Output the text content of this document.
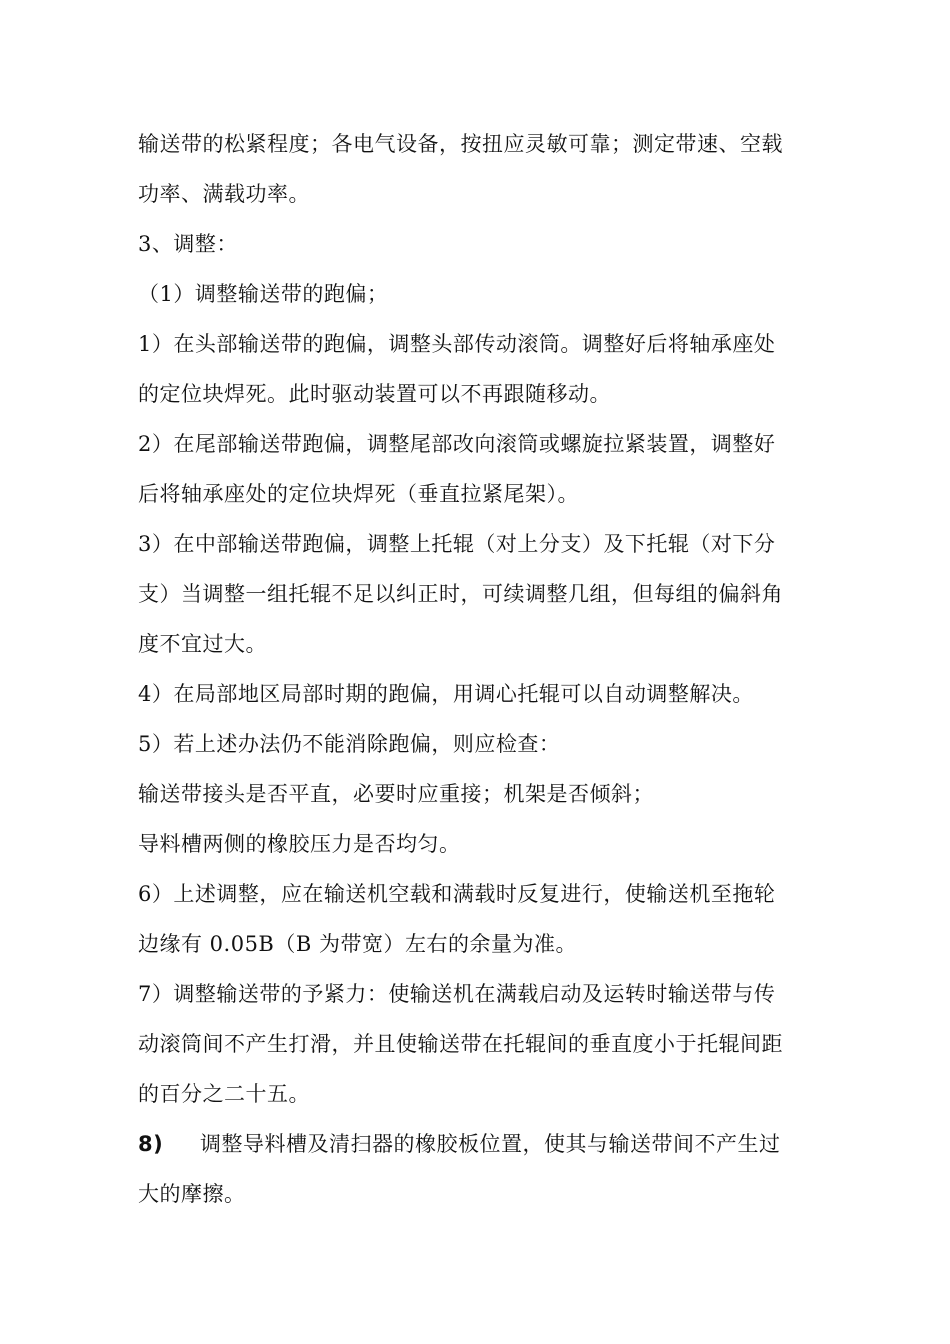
输送带的松紧程度；各电气设备，按扭应灵敏可靠；测定带速、空载
功率、满载功率。
3、调整：
（1）调整输送带的跑偏；
1）在头部输送带的跑偏，调整头部传动滚筒。调整好后将轴承座处
的定位块焊死。此时驱动装置可以不再跟随移动。
2）在尾部输送带跑偏，调整尾部改向滚筒或螺旋拉紧装置，调整好
后将轴承座处的定位块焊死（垂直拉紧尾架）。
3）在中部输送带跑偏，调整上托辊（对上分支）及下托辊（对下分
支）当调整一组托辊不足以纠正时，可续调整几组，但每组的偏斜角
度不宜过大。
4）在局部地区局部时期的跑偏，用调心托辊可以自动调整解决。
5）若上述办法仍不能消除跑偏，则应检查：
输送带接头是否平直，必要时应重接；机架是否倾斜；
导料槽两侧的橡胶压力是否均匀。
6）上述调整，应在输送机空载和满载时反复进行，使输送机至拖轮
边缘有 0.05B（B 为带宽）左右的余量为准。
7）调整输送带的予紧力：使输送机在满载启动及运转时输送带与传
动滚筒间不产生打滑，并且使输送带在托辊间的垂直度小于托辊间距
的百分之二十五。
8) 调整导料槽及清扫器的橡胶板位置，使其与输送带间不产生过
大的摩擦。
